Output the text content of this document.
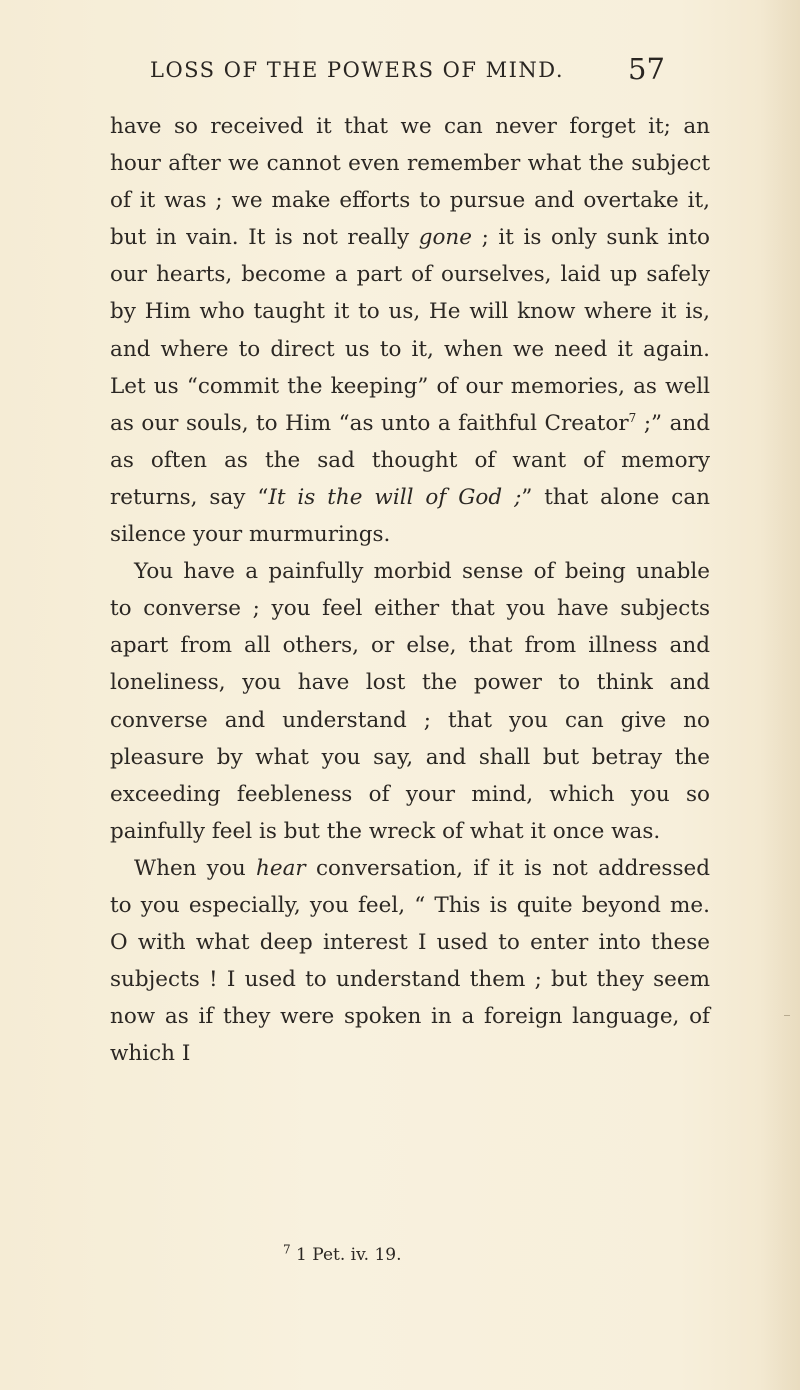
LOSS OF THE POWERS OF MIND. 57

have so received it that we can never forget it; an hour after we cannot even remember what the subject of it was ; we make efforts to pursue and overtake it, but in vain. It is not really gone ; it is only sunk into our hearts, become a part of ourselves, laid up safely by Him who taught it to us, He will know where it is, and where to direct us to it, when we need it again. Let us “commit the keeping” of our memories, as well as our souls, to Him “as unto a faithful Creator$^7$ ;” and as often as the sad thought of want of memory returns, say “It is the will of God ;” that alone can silence your murmurings.

You have a painfully morbid sense of being unable to converse ; you feel either that you have subjects apart from all others, or else, that from illness and loneliness, you have lost the power to think and converse and understand ; that you can give no pleasure by what you say, and shall but betray the exceeding feebleness of your mind, which you so painfully feel is but the wreck of what it once was.

When you hear conversation, if it is not addressed to you especially, you feel, “ This is quite beyond me. O with what deep interest I used to enter into these subjects ! I used to understand them ; but they seem now as if they were spoken in a foreign language, of which I

$^7$ 1 Pet. iv. 19.
